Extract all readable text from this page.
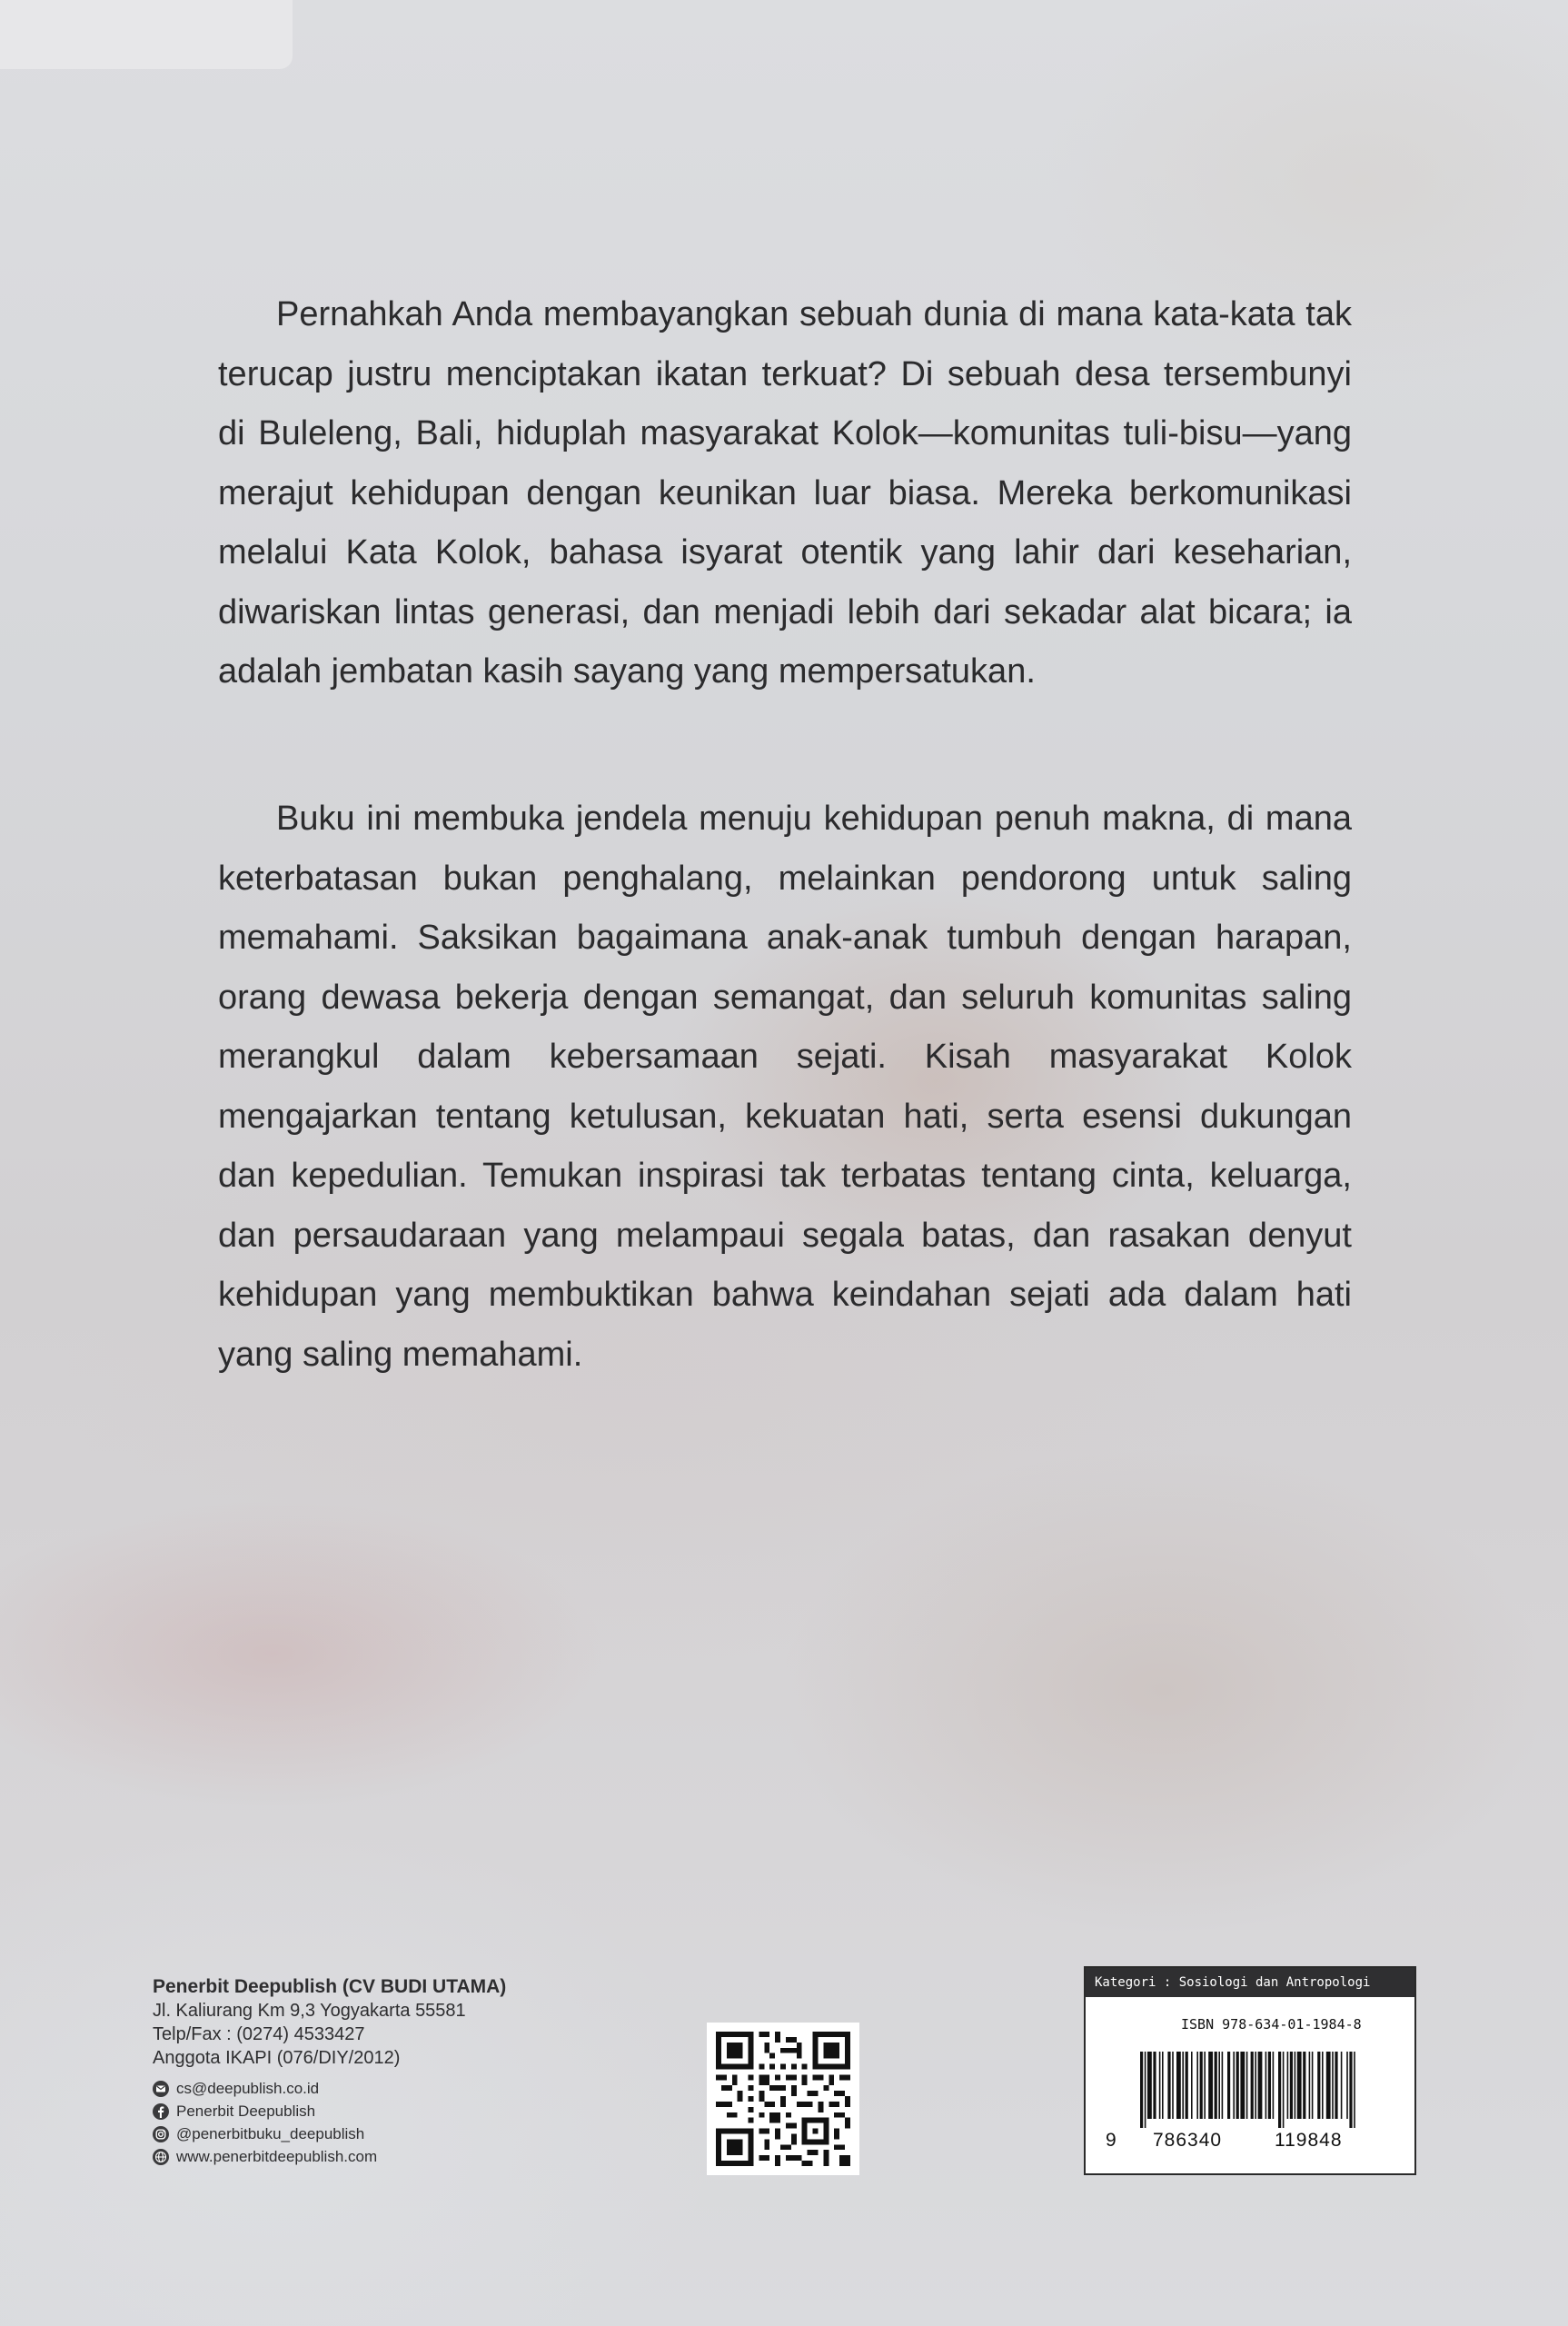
Pernahkah Anda membayangkan sebuah dunia di mana kata-kata tak terucap justru menciptakan ikatan terkuat? Di sebuah desa tersembunyi di Buleleng, Bali, hiduplah masyarakat Kolok—komunitas tuli-bisu—yang merajut kehidupan dengan keunikan luar biasa. Mereka berkomunikasi melalui Kata Kolok, bahasa isyarat otentik yang lahir dari keseharian, diwariskan lintas generasi, dan menjadi lebih dari sekadar alat bicara; ia adalah jembatan kasih sayang yang mempersatukan.

Buku ini membuka jendela menuju kehidupan penuh makna, di mana keterbatasan bukan penghalang, melainkan pendorong untuk saling memahami. Saksikan bagaimana anak-anak tumbuh dengan harapan, orang dewasa bekerja dengan semangat, dan seluruh komunitas saling merangkul dalam kebersamaan sejati. Kisah masyarakat Kolok mengajarkan tentang ketulusan, kekuatan hati, serta esensi dukungan dan kepedulian. Temukan inspirasi tak terbatas tentang cinta, keluarga, dan persaudaraan yang melampaui segala batas, dan rasakan denyut kehidupan yang membuktikan bahwa keindahan sejati ada dalam hati yang saling memahami.

Penerbit Deepublish (CV BUDI UTAMA)
Jl. Kaliurang Km 9,3 Yogyakarta 55581
Telp/Fax : (0274) 4533427
Anggota IKAPI (076/DIY/2012)
cs@deepublish.co.id
Penerbit Deepublish
@penerbitbuku_deepublish
www.penerbitdeepublish.com
Kategori : Sosiologi dan Antropologi
ISBN 978-634-01-1984-8
9 786340	119848
